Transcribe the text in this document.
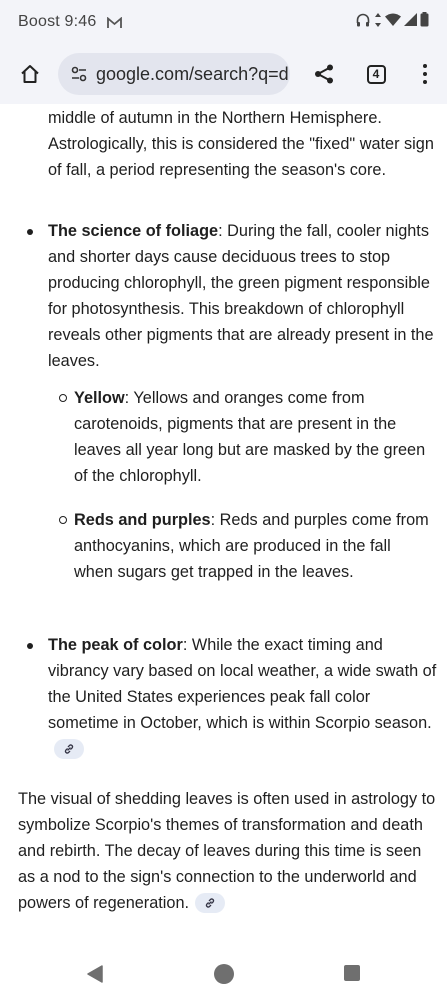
Boost 9:46
google.com/search?q=d	4

middle of autumn in the Northern Hemisphere. Astrologically, this is considered the "fixed" water sign of fall, a period representing the season's core.

The science of foliage: During the fall, cooler nights and shorter days cause deciduous trees to stop producing chlorophyll, the green pigment responsible for photosynthesis. This breakdown of chlorophyll reveals other pigments that are already present in the leaves.
Yellow: Yellows and oranges come from carotenoids, pigments that are present in the leaves all year long but are masked by the green of the chlorophyll.
Reds and purples: Reds and purples come from anthocyanins, which are produced in the fall when sugars get trapped in the leaves.
The peak of color: While the exact timing and vibrancy vary based on local weather, a wide swath of the United States experiences peak fall color sometime in October, which is within Scorpio season.

The visual of shedding leaves is often used in astrology to symbolize Scorpio's themes of transformation and death and rebirth. The decay of leaves during this time is seen as a nod to the sign's connection to the underworld and powers of regeneration.
